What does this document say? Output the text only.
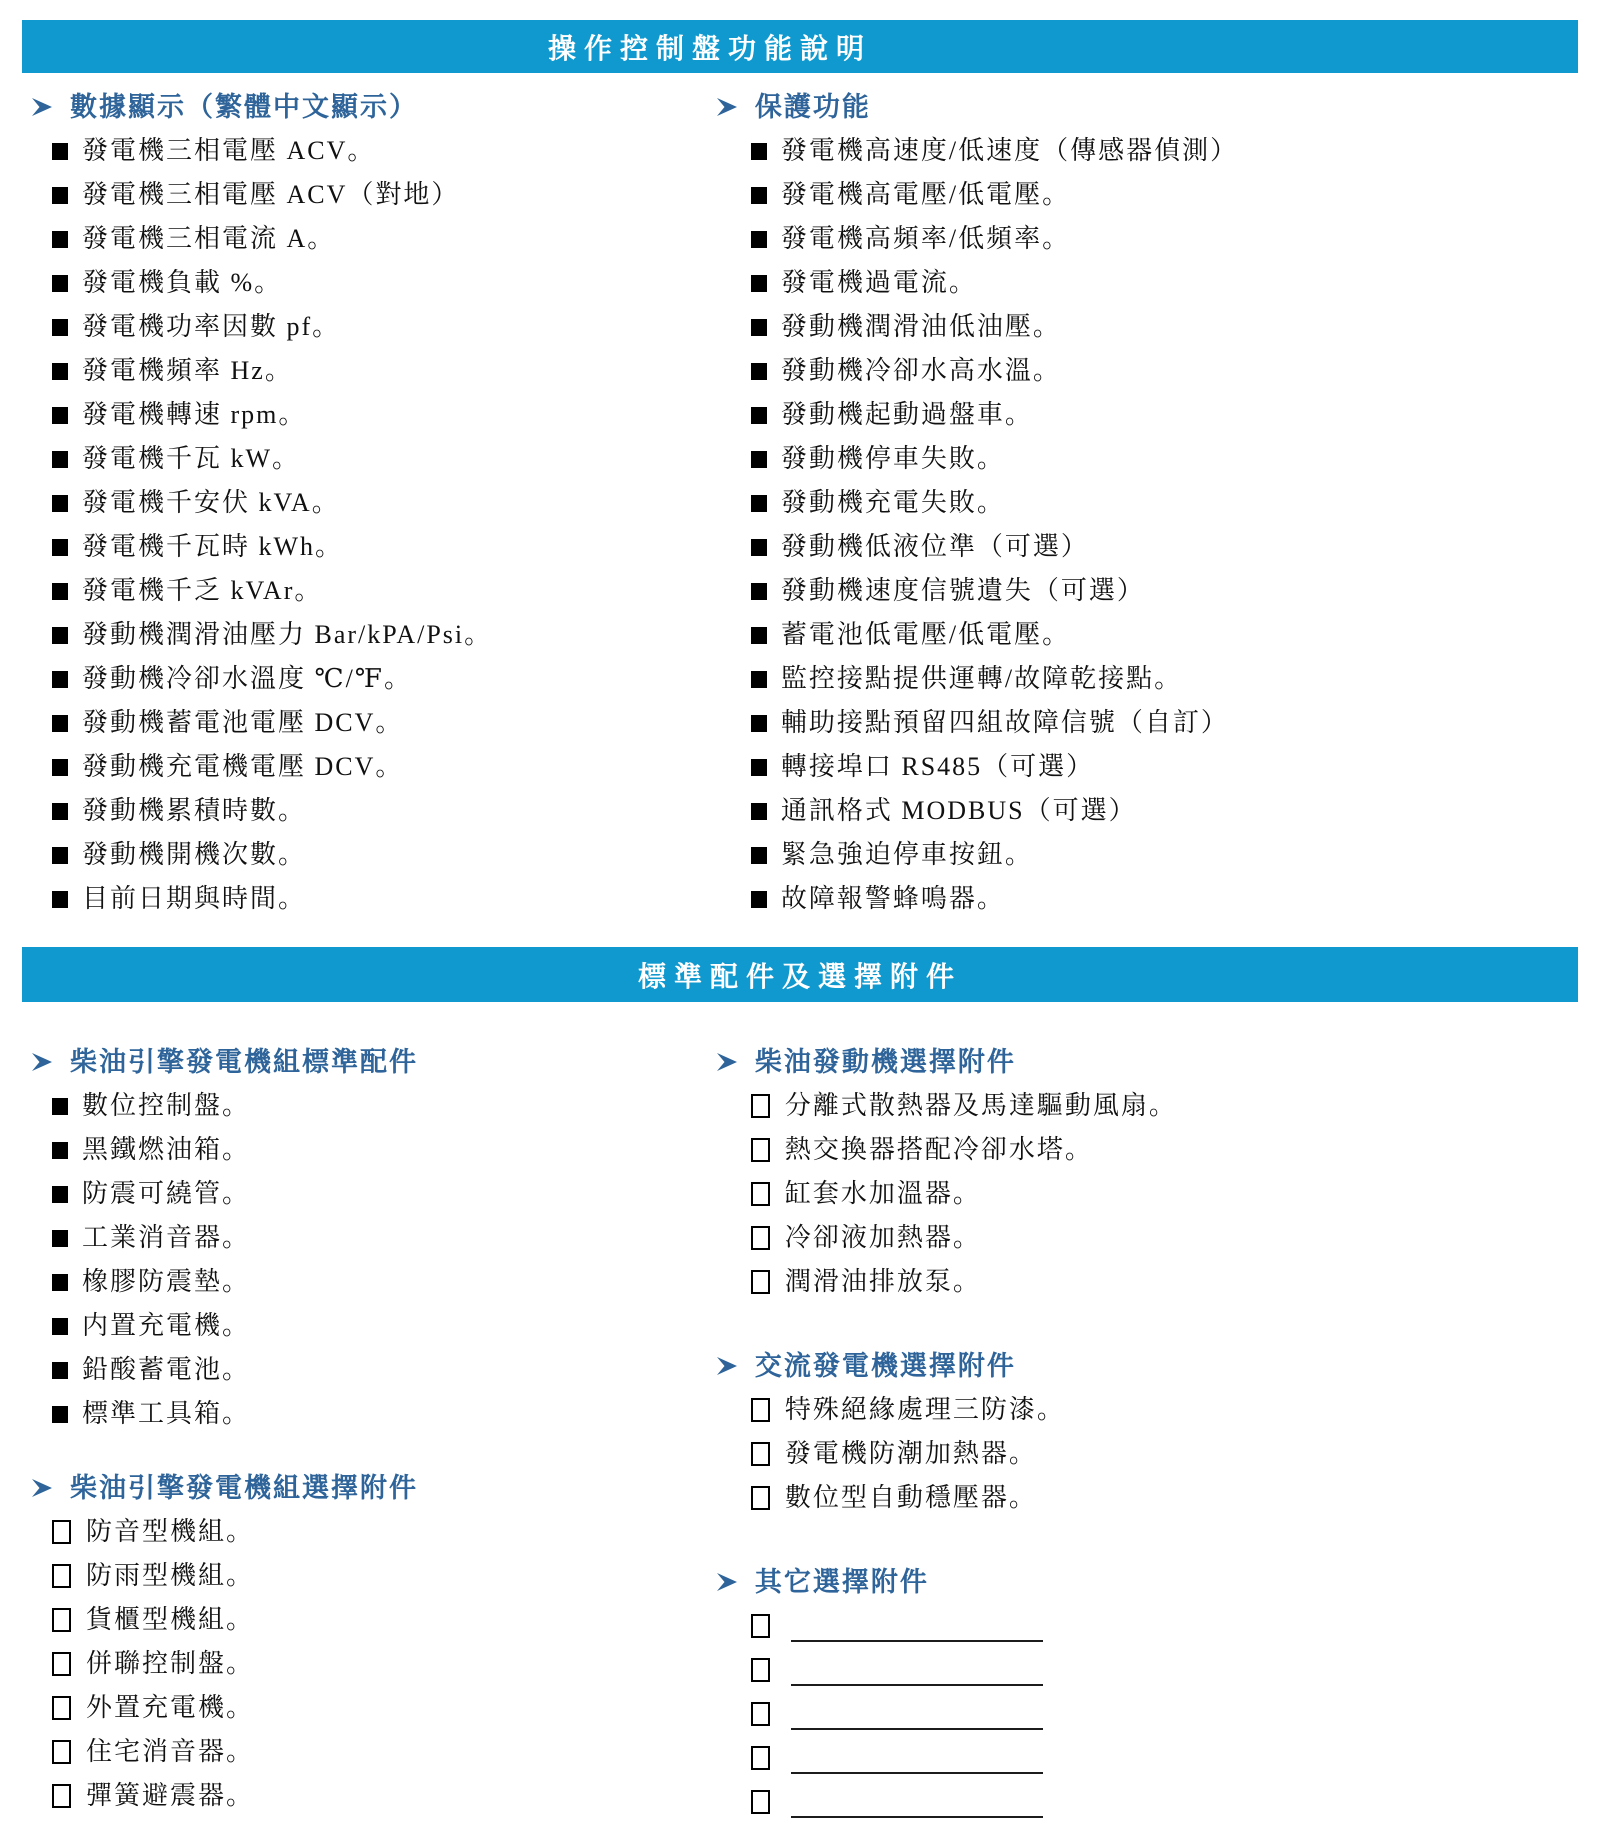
操作控制盤功能說明
數據顯示（繁體中文顯示）
發電機三相電壓 ACV。
發電機三相電壓 ACV（對地）
發電機三相電流 A。
發電機負載 %。
發電機功率因數 pf。
發電機頻率 Hz。
發電機轉速 rpm。
發電機千瓦 kW。
發電機千安伏 kVA。
發電機千瓦時 kWh。
發電機千乏 kVAr。
發動機潤滑油壓力 Bar/kPA/Psi。
發動機冷卻水溫度 ℃/℉。
發動機蓄電池電壓 DCV。
發動機充電機電壓 DCV。
發動機累積時數。
發動機開機次數。
目前日期與時間。
保護功能
發電機高速度/低速度（傳感器偵測）
發電機高電壓/低電壓。
發電機高頻率/低頻率。
發電機過電流。
發動機潤滑油低油壓。
發動機冷卻水高水溫。
發動機起動過盤車。
發動機停車失敗。
發動機充電失敗。
發動機低液位準（可選）
發動機速度信號遺失（可選）
蓄電池低電壓/低電壓。
監控接點提供運轉/故障乾接點。
輔助接點預留四組故障信號（自訂）
轉接埠口 RS485（可選）
通訊格式 MODBUS（可選）
緊急強迫停車按鈕。
故障報警蜂鳴器。
標準配件及選擇附件
柴油引擎發電機組標準配件
數位控制盤。
黑鐵燃油箱。
防震可繞管。
工業消音器。
橡膠防震墊。
内置充電機。
鉛酸蓄電池。
標準工具箱。
柴油引擎發電機組選擇附件
防音型機組。
防雨型機組。
貨櫃型機組。
併聯控制盤。
外置充電機。
住宅消音器。
彈簧避震器。
柴油發動機選擇附件
分離式散熱器及馬達驅動風扇。
熱交換器搭配冷卻水塔。
缸套水加溫器。
冷卻液加熱器。
潤滑油排放泵。
交流發電機選擇附件
特殊絕緣處理三防漆。
發電機防潮加熱器。
數位型自動穩壓器。
其它選擇附件
